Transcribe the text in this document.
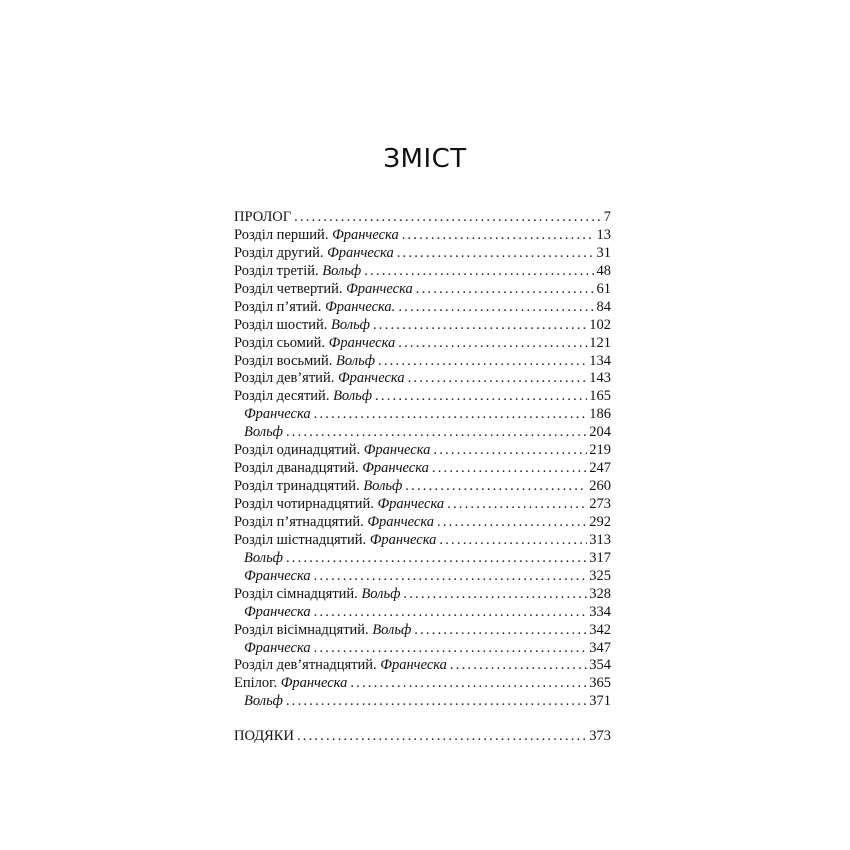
ЗМІСТ
ПРОЛОГ .....	7
Розділ перший. Франческа .....	13
Розділ другий. Франческа .....	31
Розділ третій. Вольф .....	48
Розділ четвертий. Франческа .....	61
Розділ п’ятий. Франческа. .....	84
Розділ шостий. Вольф .....	102
Розділ сьомий. Франческа .....	121
Розділ восьмий. Вольф .....	134
Розділ дев’ятий. Франческа .....	143
Розділ десятий. Вольф .....	165
Франческа .....	186
Вольф .....	204
Розділ одинадцятий. Франческа .....	219
Розділ дванадцятий. Франческа .....	247
Розділ тринадцятий. Вольф .....	260
Розділ чотирнадцятий. Франческа .....	273
Розділ п’ятнадцятий. Франческа .....	292
Розділ шістнадцятий. Франческа .....	313
Вольф .....	317
Франческа .....	325
Розділ сімнадцятий. Вольф .....	328
Франческа .....	334
Розділ вісімнадцятий. Вольф .....	342
Франческа .....	347
Розділ дев’ятнадцятий. Франческа .....	354
Епілог. Франческа .....	365
Вольф .....	371
ПОДЯКИ .....	373
